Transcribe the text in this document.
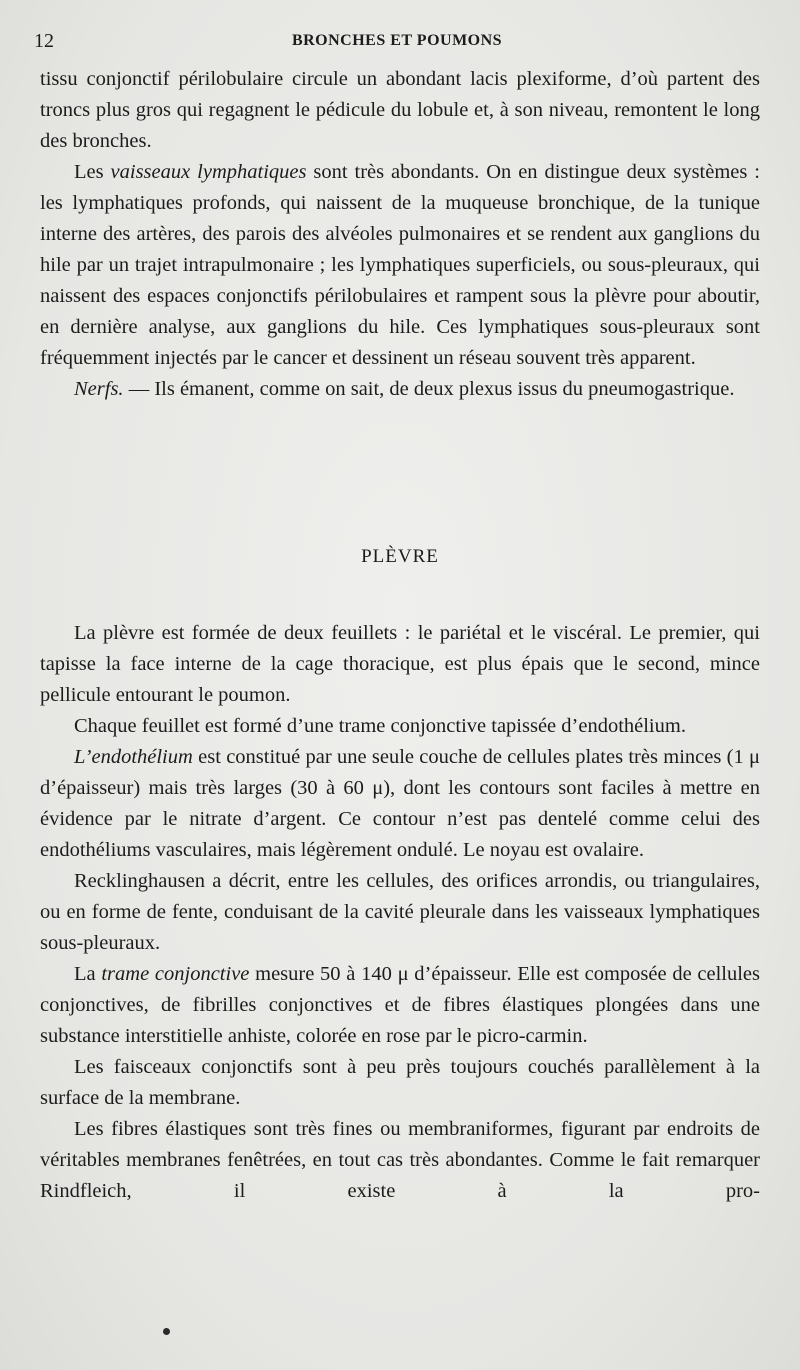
12	BRONCHES ET POUMONS

tissu conjonctif périlobulaire circule un abondant lacis plexiforme, d’où partent des troncs plus gros qui regagnent le pédicule du lobule et, à son niveau, remontent le long des bronches.

Les vaisseaux lymphatiques sont très abondants. On en distingue deux systèmes : les lymphatiques profonds, qui naissent de la muqueuse bronchique, de la tunique interne des artères, des parois des alvéoles pulmonaires et se rendent aux ganglions du hile par un trajet intrapulmonaire ; les lymphatiques superficiels, ou sous-pleuraux, qui naissent des espaces conjonctifs périlobulaires et rampent sous la plèvre pour aboutir, en dernière analyse, aux ganglions du hile. Ces lymphatiques sous-pleuraux sont fréquemment injectés par le cancer et dessinent un réseau souvent très apparent.

Nerfs. — Ils émanent, comme on sait, de deux plexus issus du pneumogastrique.

PLÈVRE

La plèvre est formée de deux feuillets : le pariétal et le viscéral. Le premier, qui tapisse la face interne de la cage thoracique, est plus épais que le second, mince pellicule entourant le poumon.

Chaque feuillet est formé d’une trame conjonctive tapissée d’endothélium.

L’endothélium est constitué par une seule couche de cellules plates très minces (1 μ d’épaisseur) mais très larges (30 à 60 μ), dont les contours sont faciles à mettre en évidence par le nitrate d’argent. Ce contour n’est pas dentelé comme celui des endothéliums vasculaires, mais légèrement ondulé. Le noyau est ovalaire.

Recklinghausen a décrit, entre les cellules, des orifices arrondis, ou triangulaires, ou en forme de fente, conduisant de la cavité pleurale dans les vaisseaux lymphatiques sous-pleuraux.

La trame conjonctive mesure 50 à 140 μ d’épaisseur. Elle est composée de cellules conjonctives, de fibrilles conjonctives et de fibres élastiques plongées dans une substance interstitielle anhiste, colorée en rose par le picro-carmin.

Les faisceaux conjonctifs sont à peu près toujours couchés parallèlement à la surface de la membrane.

Les fibres élastiques sont très fines ou membraniformes, figurant par endroits de véritables membranes fenêtrées, en tout cas très abondantes. Comme le fait remarquer Rindfleich, il existe à la pro-
